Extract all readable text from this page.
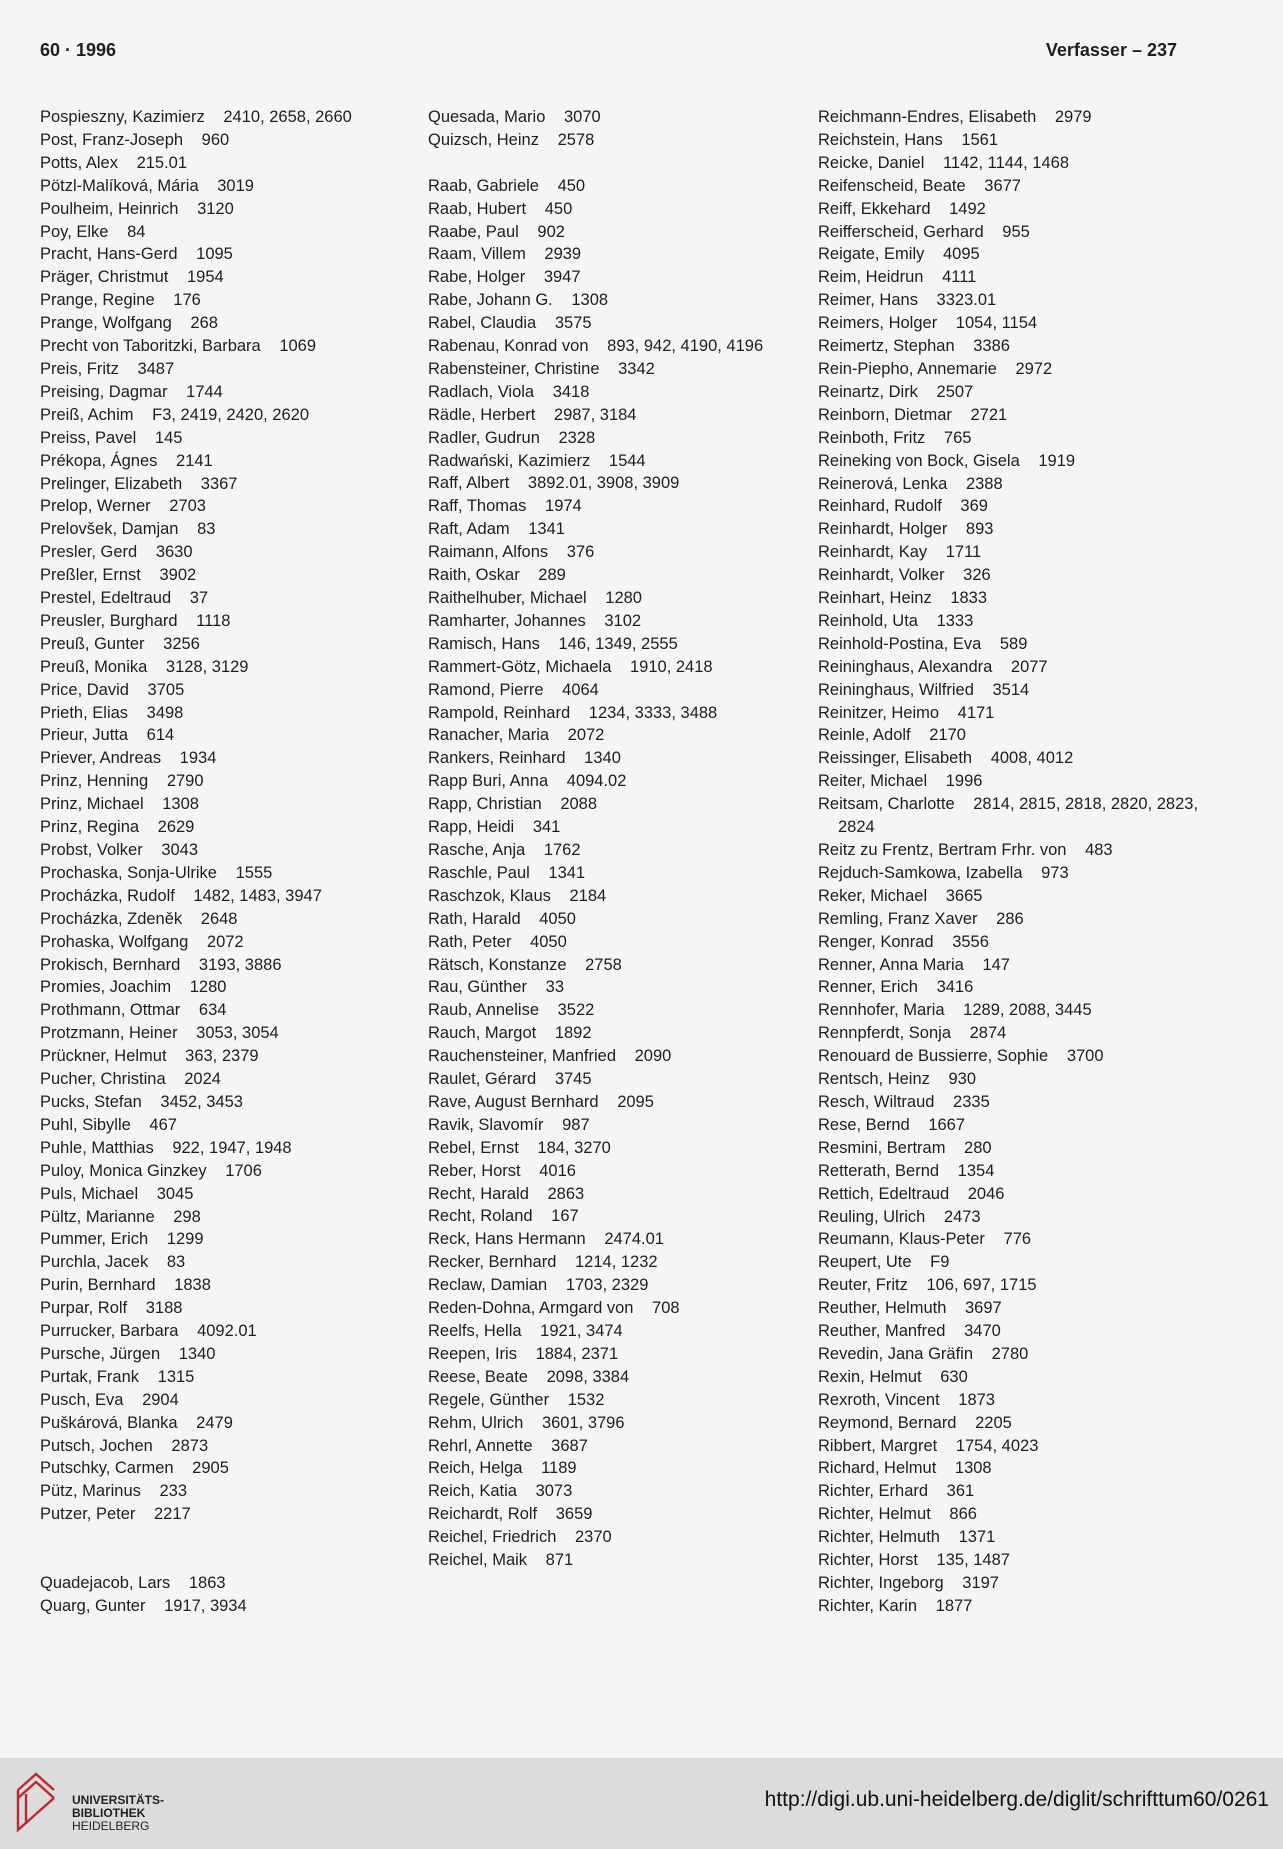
60 · 1996	Verfasser – 237
Pospieszny, Kazimierz 2410, 2658, 2660
Post, Franz-Joseph 960
Potts, Alex 215.01
Pötzl-Malíková, Mária 3019
Poulheim, Heinrich 3120
Poy, Elke 84
Pracht, Hans-Gerd 1095
Präger, Christmut 1954
Prange, Regine 176
Prange, Wolfgang 268
Precht von Taboritzki, Barbara 1069
Preis, Fritz 3487
Preising, Dagmar 1744
Preiß, Achim F3, 2419, 2420, 2620
Preiss, Pavel 145
Prékopa, Ágnes 2141
Prelinger, Elizabeth 3367
Prelop, Werner 2703
Prelovšek, Damjan 83
Presler, Gerd 3630
Preßler, Ernst 3902
Prestel, Edeltraud 37
Preusler, Burghard 1118
Preuß, Gunter 3256
Preuß, Monika 3128, 3129
Price, David 3705
Prieth, Elias 3498
Prieur, Jutta 614
Priever, Andreas 1934
Prinz, Henning 2790
Prinz, Michael 1308
Prinz, Regina 2629
Probst, Volker 3043
Prochaska, Sonja-Ulrike 1555
Procházka, Rudolf 1482, 1483, 3947
Procházka, Zdeněk 2648
Prohaska, Wolfgang 2072
Prokisch, Bernhard 3193, 3886
Promies, Joachim 1280
Prothmann, Ottmar 634
Protzmann, Heiner 3053, 3054
Prückner, Helmut 363, 2379
Pucher, Christina 2024
Pucks, Stefan 3452, 3453
Puhl, Sibylle 467
Puhle, Matthias 922, 1947, 1948
Puloy, Monica Ginzkey 1706
Puls, Michael 3045
Pültz, Marianne 298
Pummer, Erich 1299
Purchla, Jacek 83
Purin, Bernhard 1838
Purpar, Rolf 3188
Purrucker, Barbara 4092.01
Pursche, Jürgen 1340
Purtak, Frank 1315
Pusch, Eva 2904
Puškárová, Blanka 2479
Putsch, Jochen 2873
Putschky, Carmen 2905
Pütz, Marinus 233
Putzer, Peter 2217
Quadejacob, Lars 1863
Quarg, Gunter 1917, 3934
Quesada, Mario 3070
Quizsch, Heinz 2578
Raab, Gabriele 450
Raab, Hubert 450
Raabe, Paul 902
Raam, Villem 2939
Rabe, Holger 3947
Rabe, Johann G. 1308
Rabel, Claudia 3575
Rabenau, Konrad von 893, 942, 4190, 4196
Rabensteiner, Christine 3342
Radlach, Viola 3418
Rädle, Herbert 2987, 3184
Radler, Gudrun 2328
Radwański, Kazimierz 1544
Raff, Albert 3892.01, 3908, 3909
Raff, Thomas 1974
Raft, Adam 1341
Raimann, Alfons 376
Raith, Oskar 289
Raithelhuber, Michael 1280
Ramharter, Johannes 3102
Ramisch, Hans 146, 1349, 2555
Rammert-Götz, Michaela 1910, 2418
Ramond, Pierre 4064
Rampold, Reinhard 1234, 3333, 3488
Ranacher, Maria 2072
Rankers, Reinhard 1340
Rapp Buri, Anna 4094.02
Rapp, Christian 2088
Rapp, Heidi 341
Rasche, Anja 1762
Raschle, Paul 1341
Raschzok, Klaus 2184
Rath, Harald 4050
Rath, Peter 4050
Rätsch, Konstanze 2758
Rau, Günther 33
Raub, Annelise 3522
Rauch, Margot 1892
Rauchensteiner, Manfried 2090
Raulet, Gérard 3745
Rave, August Bernhard 2095
Ravik, Slavomír 987
Rebel, Ernst 184, 3270
Reber, Horst 4016
Recht, Harald 2863
Recht, Roland 167
Reck, Hans Hermann 2474.01
Recker, Bernhard 1214, 1232
Reclaw, Damian 1703, 2329
Reden-Dohna, Armgard von 708
Reelfs, Hella 1921, 3474
Reepen, Iris 1884, 2371
Reese, Beate 2098, 3384
Regele, Günther 1532
Rehm, Ulrich 3601, 3796
Rehrl, Annette 3687
Reich, Helga 1189
Reich, Katia 3073
Reichardt, Rolf 3659
Reichel, Friedrich 2370
Reichel, Maik 871
Reichmann-Endres, Elisabeth 2979
Reichstein, Hans 1561
Reicke, Daniel 1142, 1144, 1468
Reifenscheid, Beate 3677
Reiff, Ekkehard 1492
Reifferscheid, Gerhard 955
Reigate, Emily 4095
Reim, Heidrun 4111
Reimer, Hans 3323.01
Reimers, Holger 1054, 1154
Reimertz, Stephan 3386
Rein-Piepho, Annemarie 2972
Reinartz, Dirk 2507
Reinborn, Dietmar 2721
Reinboth, Fritz 765
Reineking von Bock, Gisela 1919
Reinerová, Lenka 2388
Reinhard, Rudolf 369
Reinhardt, Holger 893
Reinhardt, Kay 1711
Reinhardt, Volker 326
Reinhart, Heinz 1833
Reinhold, Uta 1333
Reinhold-Postina, Eva 589
Reininghaus, Alexandra 2077
Reininghaus, Wilfried 3514
Reinitzer, Heimo 4171
Reinle, Adolf 2170
Reissinger, Elisabeth 4008, 4012
Reiter, Michael 1996
Reitsam, Charlotte 2814, 2815, 2818, 2820, 2823, 2824
Reitz zu Frentz, Bertram Frhr. von 483
Rejduch-Samkowa, Izabella 973
Reker, Michael 3665
Remling, Franz Xaver 286
Renger, Konrad 3556
Renner, Anna Maria 147
Renner, Erich 3416
Rennhofer, Maria 1289, 2088, 3445
Rennpferdt, Sonja 2874
Renouard de Bussierre, Sophie 3700
Rentsch, Heinz 930
Resch, Wiltraud 2335
Rese, Bernd 1667
Resmini, Bertram 280
Retterath, Bernd 1354
Rettich, Edeltraud 2046
Reuling, Ulrich 2473
Reumann, Klaus-Peter 776
Reupert, Ute F9
Reuter, Fritz 106, 697, 1715
Reuther, Helmuth 3697
Reuther, Manfred 3470
Revedin, Jana Gräfin 2780
Rexin, Helmut 630
Rexroth, Vincent 1873
Reymond, Bernard 2205
Ribbert, Margret 1754, 4023
Richard, Helmut 1308
Richter, Erhard 361
Richter, Helmut 866
Richter, Helmuth 1371
Richter, Horst 135, 1487
Richter, Ingeborg 3197
Richter, Karin 1877
UNIVERSITÄTS-
BIBLIOTHEK
HEIDELBERG
http://digi.ub.uni-heidelberg.de/diglit/schrifttum60/0261
